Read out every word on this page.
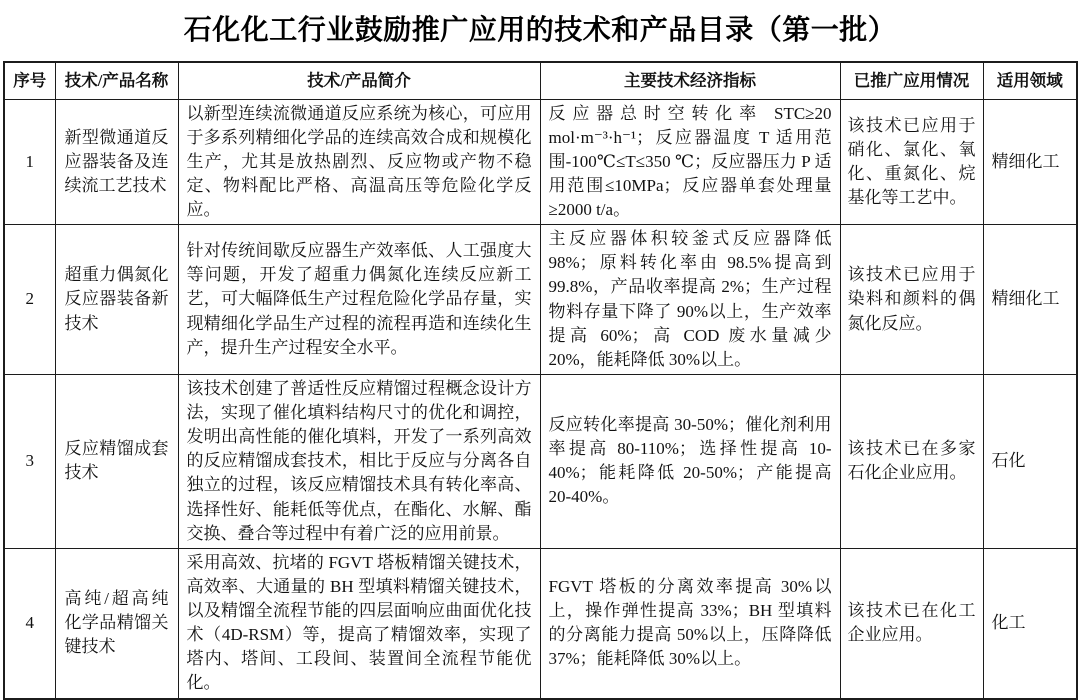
石化化工行业鼓励推广应用的技术和产品目录（第一批）
序号	技术/产品名称	技术/产品简介	主要技术经济指标	已推广应用情况	适用领域
1	新型微通道反应器装备及连续流工艺技术	以新型连续流微通道反应系统为核心，可应用于多系列精细化学品的连续高效合成和规模化生产，尤其是放热剧烈、反应物或产物不稳定、物料配比严格、高温高压等危险化学反应。	反应器总时空转化率 STC≥20 mol·m⁻³·h⁻¹；反应器温度 T 适用范围-100℃≤T≤350 ℃；反应器压力 P 适用范围≤10MPa；反应器单套处理量≥2000 t/a。	该技术已应用于硝化、氯化、氧化、重氮化、烷基化等工艺中。	精细化工
2	超重力偶氮化反应器装备新技术	针对传统间歇反应器生产效率低、人工强度大等问题，开发了超重力偶氮化连续反应新工艺，可大幅降低生产过程危险化学品存量，实现精细化学品生产过程的流程再造和连续化生产，提升生产过程安全水平。	主反应器体积较釜式反应器降低 98%；原料转化率由 98.5%提高到 99.8%，产品收率提高 2%；生产过程物料存量下降了 90%以上，生产效率提高 60%；高 COD 废水量减少 20%，能耗降低 30%以上。	该技术已应用于染料和颜料的偶氮化反应。	精细化工
3	反应精馏成套技术	该技术创建了普适性反应精馏过程概念设计方法，实现了催化填料结构尺寸的优化和调控，发明出高性能的催化填料，开发了一系列高效的反应精馏成套技术，相比于反应与分离各自独立的过程，该反应精馏技术具有转化率高、选择性好、能耗低等优点，在酯化、水解、酯交换、叠合等过程中有着广泛的应用前景。	反应转化率提高 30-50%；催化剂利用率提高 80-110%；选择性提高 10-40%；能耗降低 20-50%；产能提高 20-40%。	该技术已在多家石化企业应用。	石化
4	高纯/超高纯化学品精馏关键技术	采用高效、抗堵的 FGVT 塔板精馏关键技术，高效率、大通量的 BH 型填料精馏关键技术，以及精馏全流程节能的四层面响应曲面优化技术（4D-RSM）等，提高了精馏效率，实现了塔内、塔间、工段间、装置间全流程节能优化。	FGVT 塔板的分离效率提高 30%以上，操作弹性提高 33%；BH 型填料的分离能力提高 50%以上，压降降低 37%；能耗降低 30%以上。	该技术已在化工企业应用。	化工
